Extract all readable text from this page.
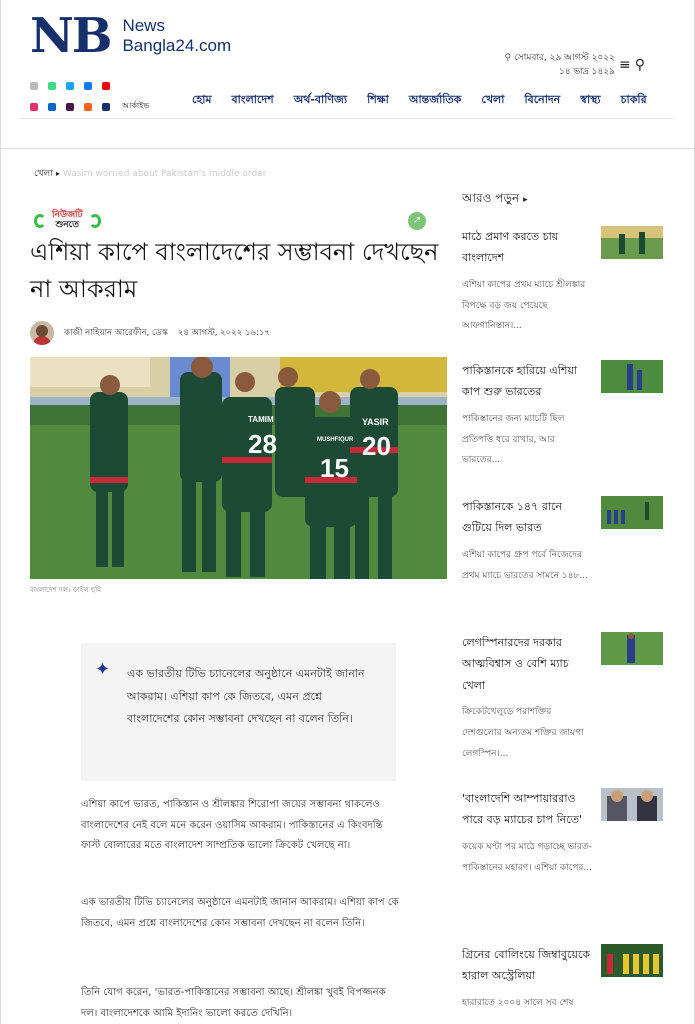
NB News
Bangla24.com
⚲ সোমবার, ২৯ আগস্ট ২০২২
১৪ ভাদ্র ১৪২৯ ≡ ⚲
আর্কাইভ	হোম বাংলাদেশ অর্থ-বাণিজ্য শিক্ষা আন্তর্জাতিক খেলা বিনোদন স্বাস্থ্য চাকরি
খেলা ▸ Wasim worried about Pakistan's middle order
নিউজটি
শুনতে	↗
এশিয়া কাপে বাংলাদেশের সম্ভাবনা দেখছেন না আকরাম
কাজী নাহিয়ান আরেফীন, ডেস্ক ২৪ আগস্ট, ২০২২ ১৬:১৭
TAMIM
28	MUSHFIQUR
15
YASIR
20
বাংলাদেশ দল। ফাইল ছবি
✦ এক ভারতীয় টিভি চ্যানেলের অনুষ্ঠানে এমনটাই জানান আকরাম। এশিয়া কাপ কে জিতবে, এমন প্রশ্নে বাংলাদেশের কোন সম্ভাবনা দেখছেন না বলেন তিনি।

এশিয়া কাপে ভারত, পাকিস্তান ও শ্রীলঙ্কার শিরোপা জয়ের সম্ভাবনা থাকলেও বাংলাদেশের নেই বলে মনে করেন ওয়াসিম আকরাম। পাকিস্তানের এ কিংবদন্তি ফাস্ট বোলারের মতে বাংলাদেশ সাম্প্রতিক ভালো ক্রিকেট খেলছে না।

এক ভারতীয় টিভি চ্যানেলের অনুষ্ঠানে এমনটাই জানান আকরাম। এশিয়া কাপ কে জিতবে, এমন প্রশ্নে বাংলাদেশের কোন সম্ভাবনা দেখছেন না বলেন তিনি।

তিনি যোগ করেন, 'ভারত-পাকিস্তানের সম্ভাবনা আছে। শ্রীলঙ্কা খুবই বিপজ্জনক দল। বাংলাদেশকে আমি ইদানিং ভালো করতে দেখিনি।

আরও পড়ুন ▸
মাঠে প্রমাণ করতে চায় বাংলাদেশ
এশিয়া কাপের প্রথম ম্যাচে শ্রীলঙ্কার বিপক্ষে বড় জয় পেয়েছে আফগানিস্তান।...
পাকিস্তানকে হারিয়ে এশিয়া কাপ শুরু ভারতের
পাকিস্তানের জন্য ম্যাচটি ছিল প্রতিপত্তি ধরে রাখার, আর ভারতের...
পাকিস্তানকে ১৪৭ রানে গুটিয়ে দিল ভারত
এশিয়া কাপের গ্রুপ পর্বে নিজেদের প্রথম ম্যাচে ভারতের সামনে ১৪৮...
লেগস্পিনারদের দরকার আত্মবিশ্বাস ও বেশি ম্যাচ খেলা
ক্রিকেটখেলুড়ে পরাশক্তির দেশগুলোর অন্যতম শক্তির জায়গা লেগস্পিন।...
'বাংলাদেশি আম্পায়াররাও পারে বড় ম্যাচের চাপ নিতে'
কয়েক ঘণ্টা পর মাঠে গড়াচ্ছে ভারত-পাকিস্তানের মহারণ। এশিয়া কাপের...
গ্রিনের বোলিংয়ে জিম্বাবুয়েকে হারাল অস্ট্রেলিয়া
হারারাতে ২০০৪ সালে সব শেষ
